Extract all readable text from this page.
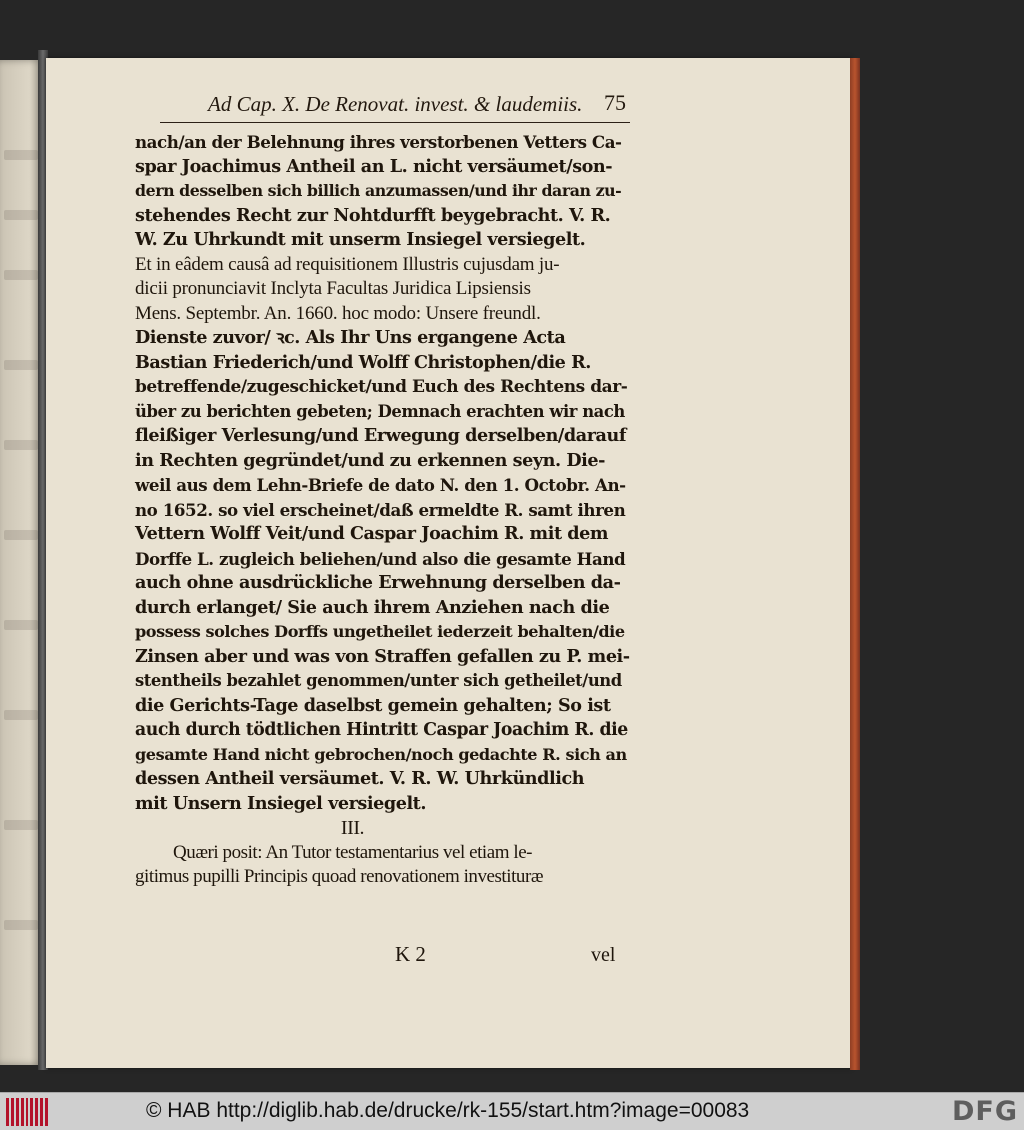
Ad Cap. X. De Renovat. invest. & laudemiis. 75
nach/an der Belehnung ihres verstorbenen Vetters Ca-
spar Joachimus Antheil an L. nicht versäumet/son-
dern desselben sich billich anzumassen/und ihr daran zu-
stehendes Recht zur Nohtdurfft beygebracht. V. R.
W. Zu Uhrkundt mit unserm Insiegel versiegelt.
Et in eâdem causâ ad requisitionem Illustris cujusdam ju-
dicii pronunciavit Inclyta Facultas Juridica Lipsiensis
Mens. Septembr. An. 1660. hoc modo: Unsere freundl.
Dienste zuvor/ ꝛc. Als Ihr Uns ergangene Acta
Bastian Friederich/und Wolff Christophen/die R.
betreffende/zugeschicket/und Euch des Rechtens dar-
über zu berichten gebeten; Demnach erachten wir nach
fleißiger Verlesung/und Erwegung derselben/darauf
in Rechten gegründet/und zu erkennen seyn. Die-
weil aus dem Lehn-Briefe de dato N. den 1. Octobr. An-
no 1652. so viel erscheinet/daß ermeldte R. samt ihren
Vettern Wolff Veit/und Caspar Joachim R. mit dem
Dorffe L. zugleich beliehen/und also die gesamte Hand
auch ohne ausdrückliche Erwehnung derselben da-
durch erlanget/ Sie auch ihrem Anziehen nach die
possess solches Dorffs ungetheilet iederzeit behalten/die
Zinsen aber und was von Straffen gefallen zu P. mei-
stentheils bezahlet genommen/unter sich getheilet/und
die Gerichts-Tage daselbst gemein gehalten; So ist
auch durch tödtlichen Hintritt Caspar Joachim R. die
gesamte Hand nicht gebrochen/noch gedachte R. sich an
dessen Antheil versäumet. V. R. W. Uhrkündlich
mit Unsern Insiegel versiegelt.
III.
Quæri posit: An Tutor testamentarius vel etiam le-
gitimus pupilli Principis quoad renovationem investituræ
K 2	vel
© HAB http://diglib.hab.de/drucke/rk-155/start.htm?image=00083	DFG
